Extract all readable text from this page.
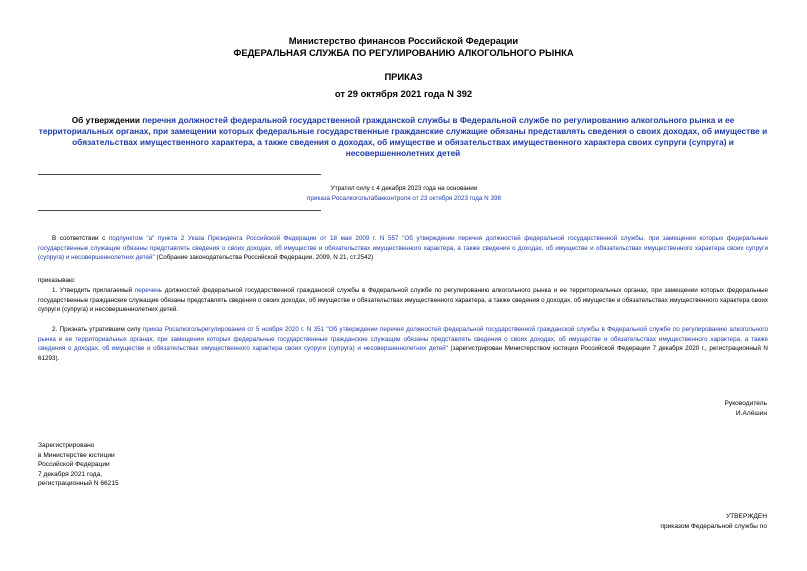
Министерство финансов Российской Федерации
ФЕДЕРАЛЬНАЯ СЛУЖБА ПО РЕГУЛИРОВАНИЮ АЛКОГОЛЬНОГО РЫНКА
ПРИКАЗ
от 29 октября 2021 года N 392
Об утверждении перечня должностей федеральной государственной гражданской службы в Федеральной службе по регулированию алкогольного рынка и ее территориальных органах, при замещении которых федеральные государственные гражданские служащие обязаны представлять сведения о своих доходах, об имуществе и обязательствах имущественного характера, а также сведения о доходах, об имуществе и обязательствах имущественного характера своих супруги (супруга) и несовершеннолетних детей
Утратил силу с 4 декабря 2023 года на основании
приказа Росалкогольтабакконтроля от 23 октября 2023 года N 398
В соответствии с подпунктом "а" пункта 2 Указа Президента Российской Федерации от 18 мая 2009 г. N 557 "Об утверждении перечня должностей федеральной государственной службы, при замещении которых федеральные государственные служащие обязаны представлять сведения о своих доходах, об имуществе и обязательствах имущественного характера, а также сведения о доходах, об имуществе и обязательствах имущественного характера своих супруги (супруга) и несовершеннолетних детей" (Собрание законодательства Российской Федерации, 2009, N 21, ст.2542)
приказываю:
1. Утвердить прилагаемый перечень должностей федеральной государственной гражданской службы в Федеральной службе по регулированию алкогольного рынка и ее территориальных органах, при замещении которых федеральные государственные гражданские служащие обязаны представлять сведения о своих доходах, об имуществе и обязательствах имущественного характера, а также сведения о доходах, об имуществе и обязательствах имущественного характера своих супруги (супруга) и несовершеннолетних детей.
2. Признать утратившим силу приказ Росалкогольрегулирования от 5 ноября 2020 г. N 351 "Об утверждении перечня должностей федеральной государственной гражданской службы в Федеральной службе по регулированию алкогольного рынка и ее территориальных органах, при замещении которых федеральные государственные гражданские служащие обязаны представлять сведения о своих доходах, об имуществе и обязательствах имущественного характера, а также сведения о доходах, об имуществе и обязательствах имущественного характера своих супруги (супруга) и несовершеннолетних детей" (зарегистрирован Министерством юстиции Российской Федерации 7 декабря 2020 г., регистрационный N 61293).
Руководитель
И.Алёшин
Зарегистрировано
в Министерстве юстиции
Российской Федерации
7 декабря 2021 года,
регистрационный N 66215
УТВЕРЖДЕН
приказом Федеральной службы по
